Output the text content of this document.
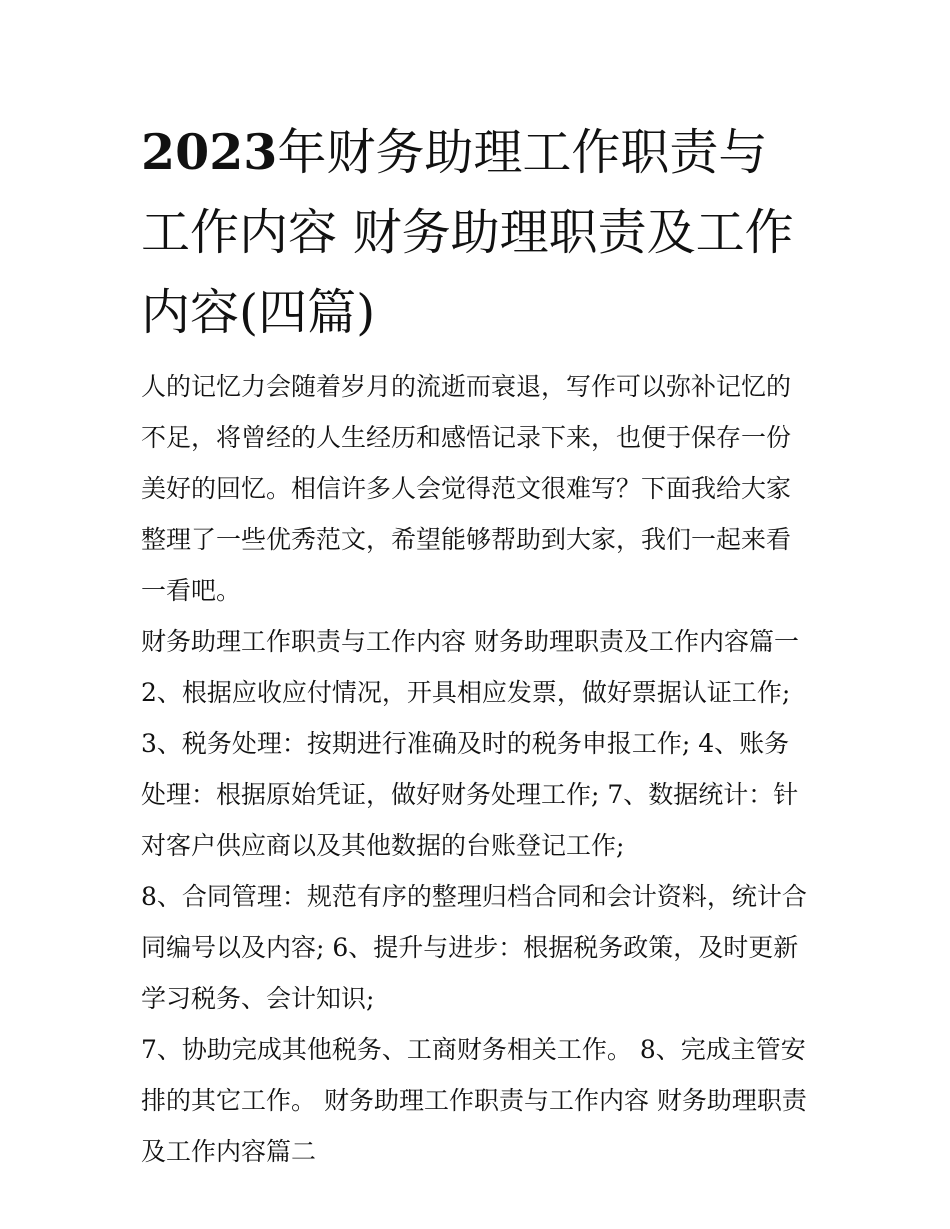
2023年财务助理工作职责与工作内容 财务助理职责及工作内容(四篇)

人的记忆力会随着岁月的流逝而衰退，写作可以弥补记忆的不足，将曾经的人生经历和感悟记录下来，也便于保存一份美好的回忆。相信许多人会觉得范文很难写？下面我给大家整理了一些优秀范文，希望能够帮助到大家，我们一起来看一看吧。

财务助理工作职责与工作内容 财务助理职责及工作内容篇一

2、根据应收应付情况，开具相应发票，做好票据认证工作;

3、税务处理：按期进行准确及时的税务申报工作; 4、账务处理：根据原始凭证，做好财务处理工作; 7、数据统计：针对客户供应商以及其他数据的台账登记工作;

8、合同管理：规范有序的整理归档合同和会计资料，统计合同编号以及内容; 6、提升与进步：根据税务政策，及时更新学习税务、会计知识;

7、协助完成其他税务、工商财务相关工作。 8、完成主管安排的其它工作。 财务助理工作职责与工作内容 财务助理职责及工作内容篇二
